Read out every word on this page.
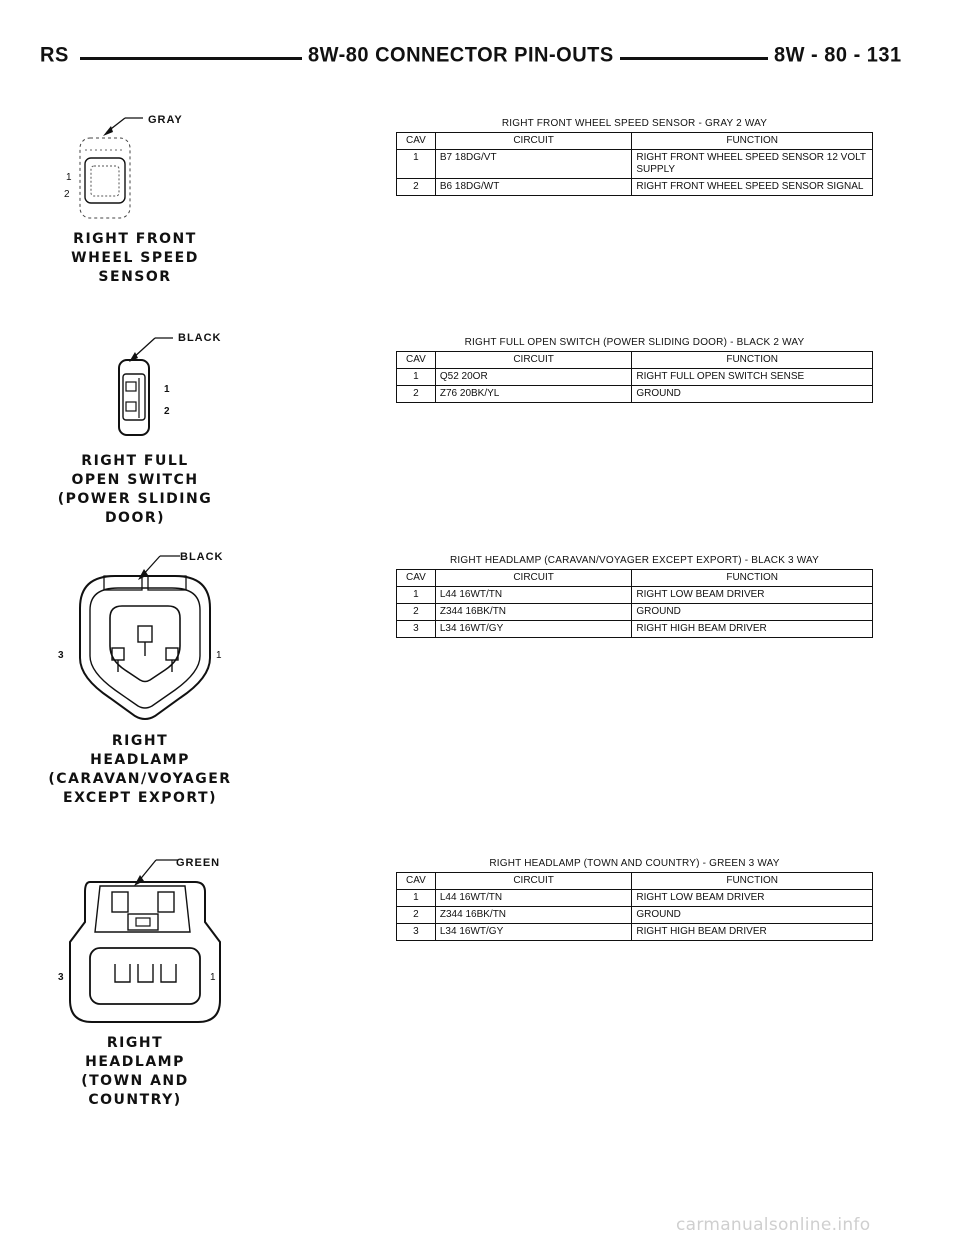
RS	8W-80 CONNECTOR PIN-OUTS	8W - 80 - 131
GRAY
1
2
RIGHT FRONT
WHEEL SPEED
SENSOR
RIGHT FRONT WHEEL SPEED SENSOR - GRAY 2 WAY
CAV	CIRCUIT	FUNCTION
1	B7 18DG/VT	RIGHT FRONT WHEEL SPEED SENSOR 12 VOLT SUPPLY
2	B6 18DG/WT	RIGHT FRONT WHEEL SPEED SENSOR SIGNAL
BLACK
1
2
RIGHT FULL
OPEN SWITCH
(POWER SLIDING DOOR)
RIGHT FULL OPEN SWITCH (POWER SLIDING DOOR) - BLACK 2 WAY
CAV	CIRCUIT	FUNCTION
1	Q52 20OR	RIGHT FULL OPEN SWITCH SENSE
2	Z76 20BK/YL	GROUND
BLACK
3	1
RIGHT
HEADLAMP
(CARAVAN/VOYAGER
EXCEPT EXPORT)
RIGHT HEADLAMP (CARAVAN/VOYAGER EXCEPT EXPORT) - BLACK 3 WAY
CAV	CIRCUIT	FUNCTION
1	L44 16WT/TN	RIGHT LOW BEAM DRIVER
2	Z344 16BK/TN	GROUND
3	L34 16WT/GY	RIGHT HIGH BEAM DRIVER
GREEN
3	1
RIGHT
HEADLAMP
(TOWN AND COUNTRY)
RIGHT HEADLAMP (TOWN AND COUNTRY) - GREEN 3 WAY
CAV	CIRCUIT	FUNCTION
1	L44 16WT/TN	RIGHT LOW BEAM DRIVER
2	Z344 16BK/TN	GROUND
3	L34 16WT/GY	RIGHT HIGH BEAM DRIVER
carmanualsonline.info
